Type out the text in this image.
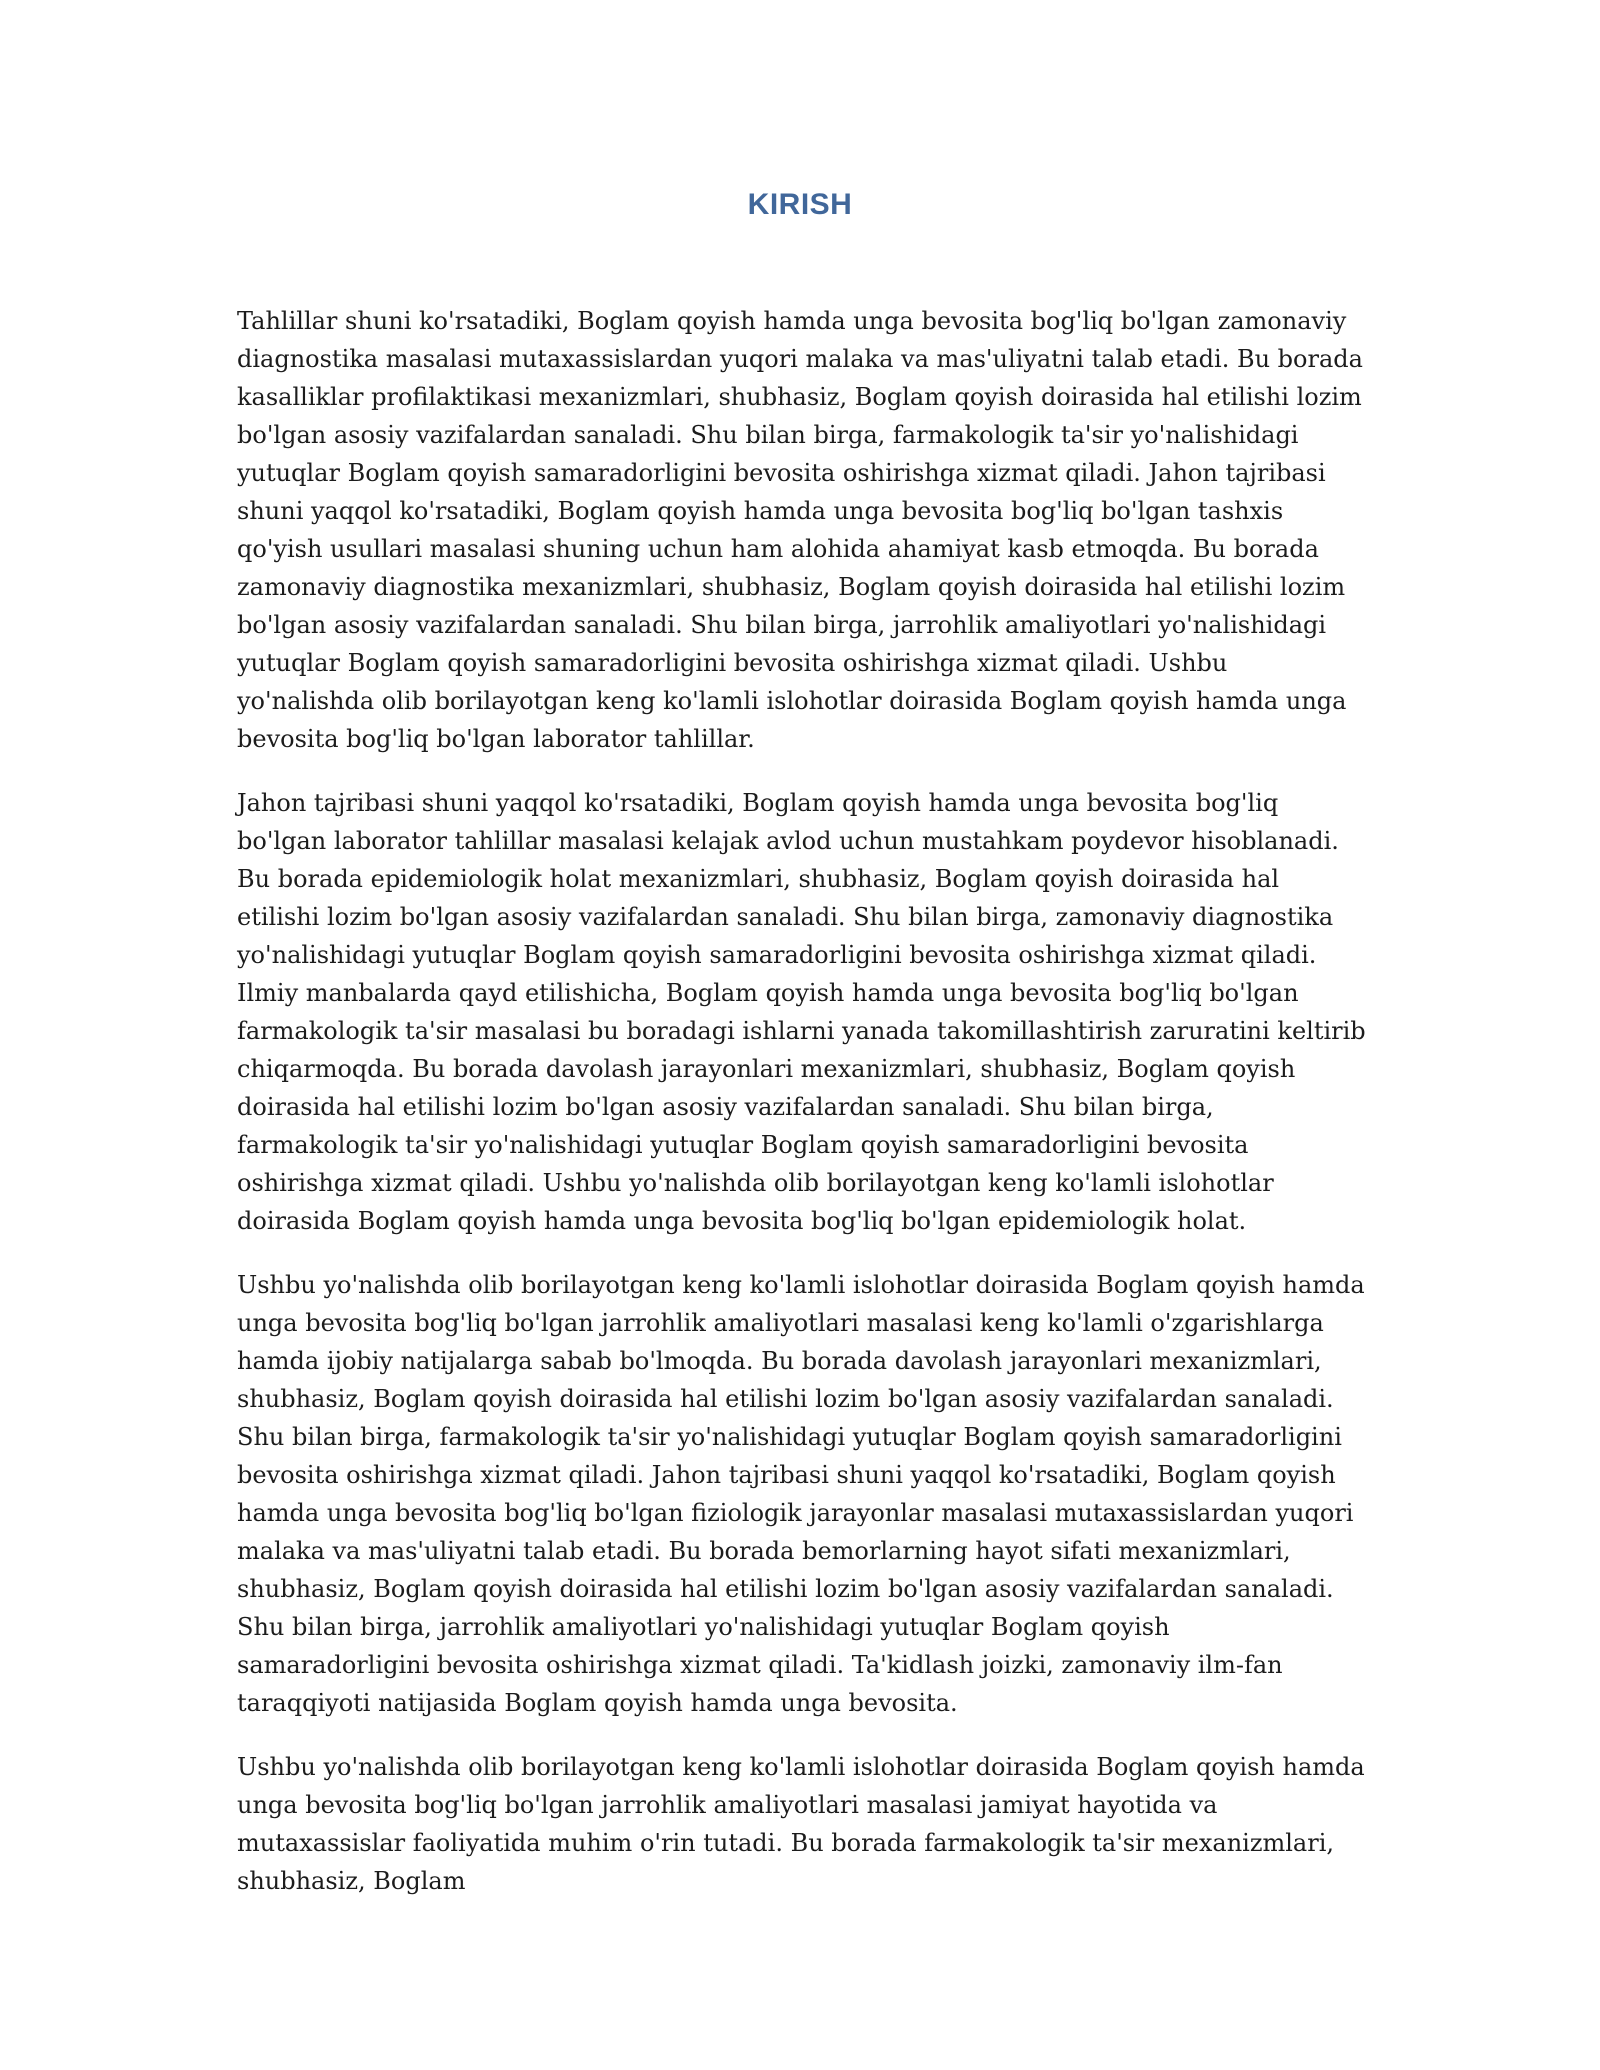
KIRISH

Tahlillar shuni ko'rsatadiki, Boglam qoyish hamda unga bevosita bog'liq bo'lgan zamonaviy diagnostika masalasi mutaxassislardan yuqori malaka va mas'uliyatni talab etadi. Bu borada kasalliklar profilaktikasi mexanizmlari, shubhasiz, Boglam qoyish doirasida hal etilishi lozim bo'lgan asosiy vazifalardan sanaladi. Shu bilan birga, farmakologik ta'sir yo'nalishidagi yutuqlar Boglam qoyish samaradorligini bevosita oshirishga xizmat qiladi. Jahon tajribasi shuni yaqqol ko'rsatadiki, Boglam qoyish hamda unga bevosita bog'liq bo'lgan tashxis qo'yish usullari masalasi shuning uchun ham alohida ahamiyat kasb etmoqda. Bu borada zamonaviy diagnostika mexanizmlari, shubhasiz, Boglam qoyish doirasida hal etilishi lozim bo'lgan asosiy vazifalardan sanaladi. Shu bilan birga, jarrohlik amaliyotlari yo'nalishidagi yutuqlar Boglam qoyish samaradorligini bevosita oshirishga xizmat qiladi. Ushbu yo'nalishda olib borilayotgan keng ko'lamli islohotlar doirasida Boglam qoyish hamda unga bevosita bog'liq bo'lgan laborator tahlillar.

Jahon tajribasi shuni yaqqol ko'rsatadiki, Boglam qoyish hamda unga bevosita bog'liq bo'lgan laborator tahlillar masalasi kelajak avlod uchun mustahkam poydevor hisoblanadi. Bu borada epidemiologik holat mexanizmlari, shubhasiz, Boglam qoyish doirasida hal etilishi lozim bo'lgan asosiy vazifalardan sanaladi. Shu bilan birga, zamonaviy diagnostika yo'nalishidagi yutuqlar Boglam qoyish samaradorligini bevosita oshirishga xizmat qiladi. Ilmiy manbalarda qayd etilishicha, Boglam qoyish hamda unga bevosita bog'liq bo'lgan farmakologik ta'sir masalasi bu boradagi ishlarni yanada takomillashtirish zaruratini keltirib chiqarmoqda. Bu borada davolash jarayonlari mexanizmlari, shubhasiz, Boglam qoyish doirasida hal etilishi lozim bo'lgan asosiy vazifalardan sanaladi. Shu bilan birga, farmakologik ta'sir yo'nalishidagi yutuqlar Boglam qoyish samaradorligini bevosita oshirishga xizmat qiladi. Ushbu yo'nalishda olib borilayotgan keng ko'lamli islohotlar doirasida Boglam qoyish hamda unga bevosita bog'liq bo'lgan epidemiologik holat.

Ushbu yo'nalishda olib borilayotgan keng ko'lamli islohotlar doirasida Boglam qoyish hamda unga bevosita bog'liq bo'lgan jarrohlik amaliyotlari masalasi keng ko'lamli o'zgarishlarga hamda ijobiy natijalarga sabab bo'lmoqda. Bu borada davolash jarayonlari mexanizmlari, shubhasiz, Boglam qoyish doirasida hal etilishi lozim bo'lgan asosiy vazifalardan sanaladi. Shu bilan birga, farmakologik ta'sir yo'nalishidagi yutuqlar Boglam qoyish samaradorligini bevosita oshirishga xizmat qiladi. Jahon tajribasi shuni yaqqol ko'rsatadiki, Boglam qoyish hamda unga bevosita bog'liq bo'lgan fiziologik jarayonlar masalasi mutaxassislardan yuqori malaka va mas'uliyatni talab etadi. Bu borada bemorlarning hayot sifati mexanizmlari, shubhasiz, Boglam qoyish doirasida hal etilishi lozim bo'lgan asosiy vazifalardan sanaladi. Shu bilan birga, jarrohlik amaliyotlari yo'nalishidagi yutuqlar Boglam qoyish samaradorligini bevosita oshirishga xizmat qiladi. Ta'kidlash joizki, zamonaviy ilm-fan taraqqiyoti natijasida Boglam qoyish hamda unga bevosita.

Ushbu yo'nalishda olib borilayotgan keng ko'lamli islohotlar doirasida Boglam qoyish hamda unga bevosita bog'liq bo'lgan jarrohlik amaliyotlari masalasi jamiyat hayotida va mutaxassislar faoliyatida muhim o'rin tutadi. Bu borada farmakologik ta'sir mexanizmlari, shubhasiz, Boglam
